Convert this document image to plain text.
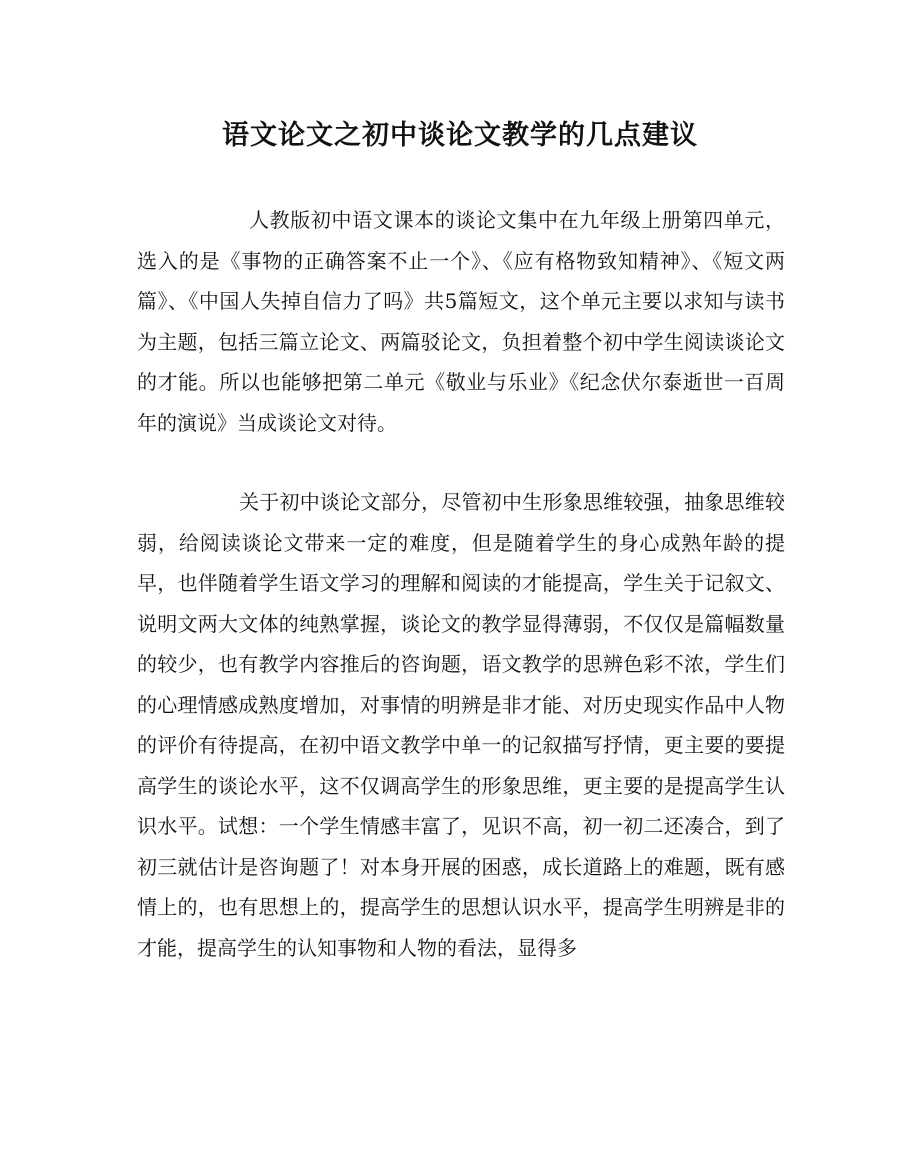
语文论文之初中谈论文教学的几点建议

人教版初中语文课本的谈论文集中在九年级上册第四单元，选入的是《事物的正确答案不止一个》、《应有格物致知精神》、《短文两篇》、《中国人失掉自信力了吗》共5篇短文，这个单元主要以求知与读书为主题，包括三篇立论文、两篇驳论文，负担着整个初中学生阅读谈论文的才能。所以也能够把第二单元《敬业与乐业》《纪念伏尔泰逝世一百周年的演说》当成谈论文对待。

关于初中谈论文部分，尽管初中生形象思维较强，抽象思维较弱，给阅读谈论文带来一定的难度，但是随着学生的身心成熟年龄的提早，也伴随着学生语文学习的理解和阅读的才能提高，学生关于记叙文、说明文两大文体的纯熟掌握，谈论文的教学显得薄弱，不仅仅是篇幅数量的较少，也有教学内容推后的咨询题，语文教学的思辨色彩不浓，学生们的心理情感成熟度增加，对事情的明辨是非才能、对历史现实作品中人物的评价有待提高，在初中语文教学中单一的记叙描写抒情，更主要的要提高学生的谈论水平，这不仅调高学生的形象思维，更主要的是提高学生认识水平。试想：一个学生情感丰富了，见识不高，初一初二还凑合，到了初三就估计是咨询题了！对本身开展的困惑，成长道路上的难题，既有感情上的，也有思想上的，提高学生的思想认识水平，提高学生明辨是非的才能，提高学生的认知事物和人物的看法，显得多
